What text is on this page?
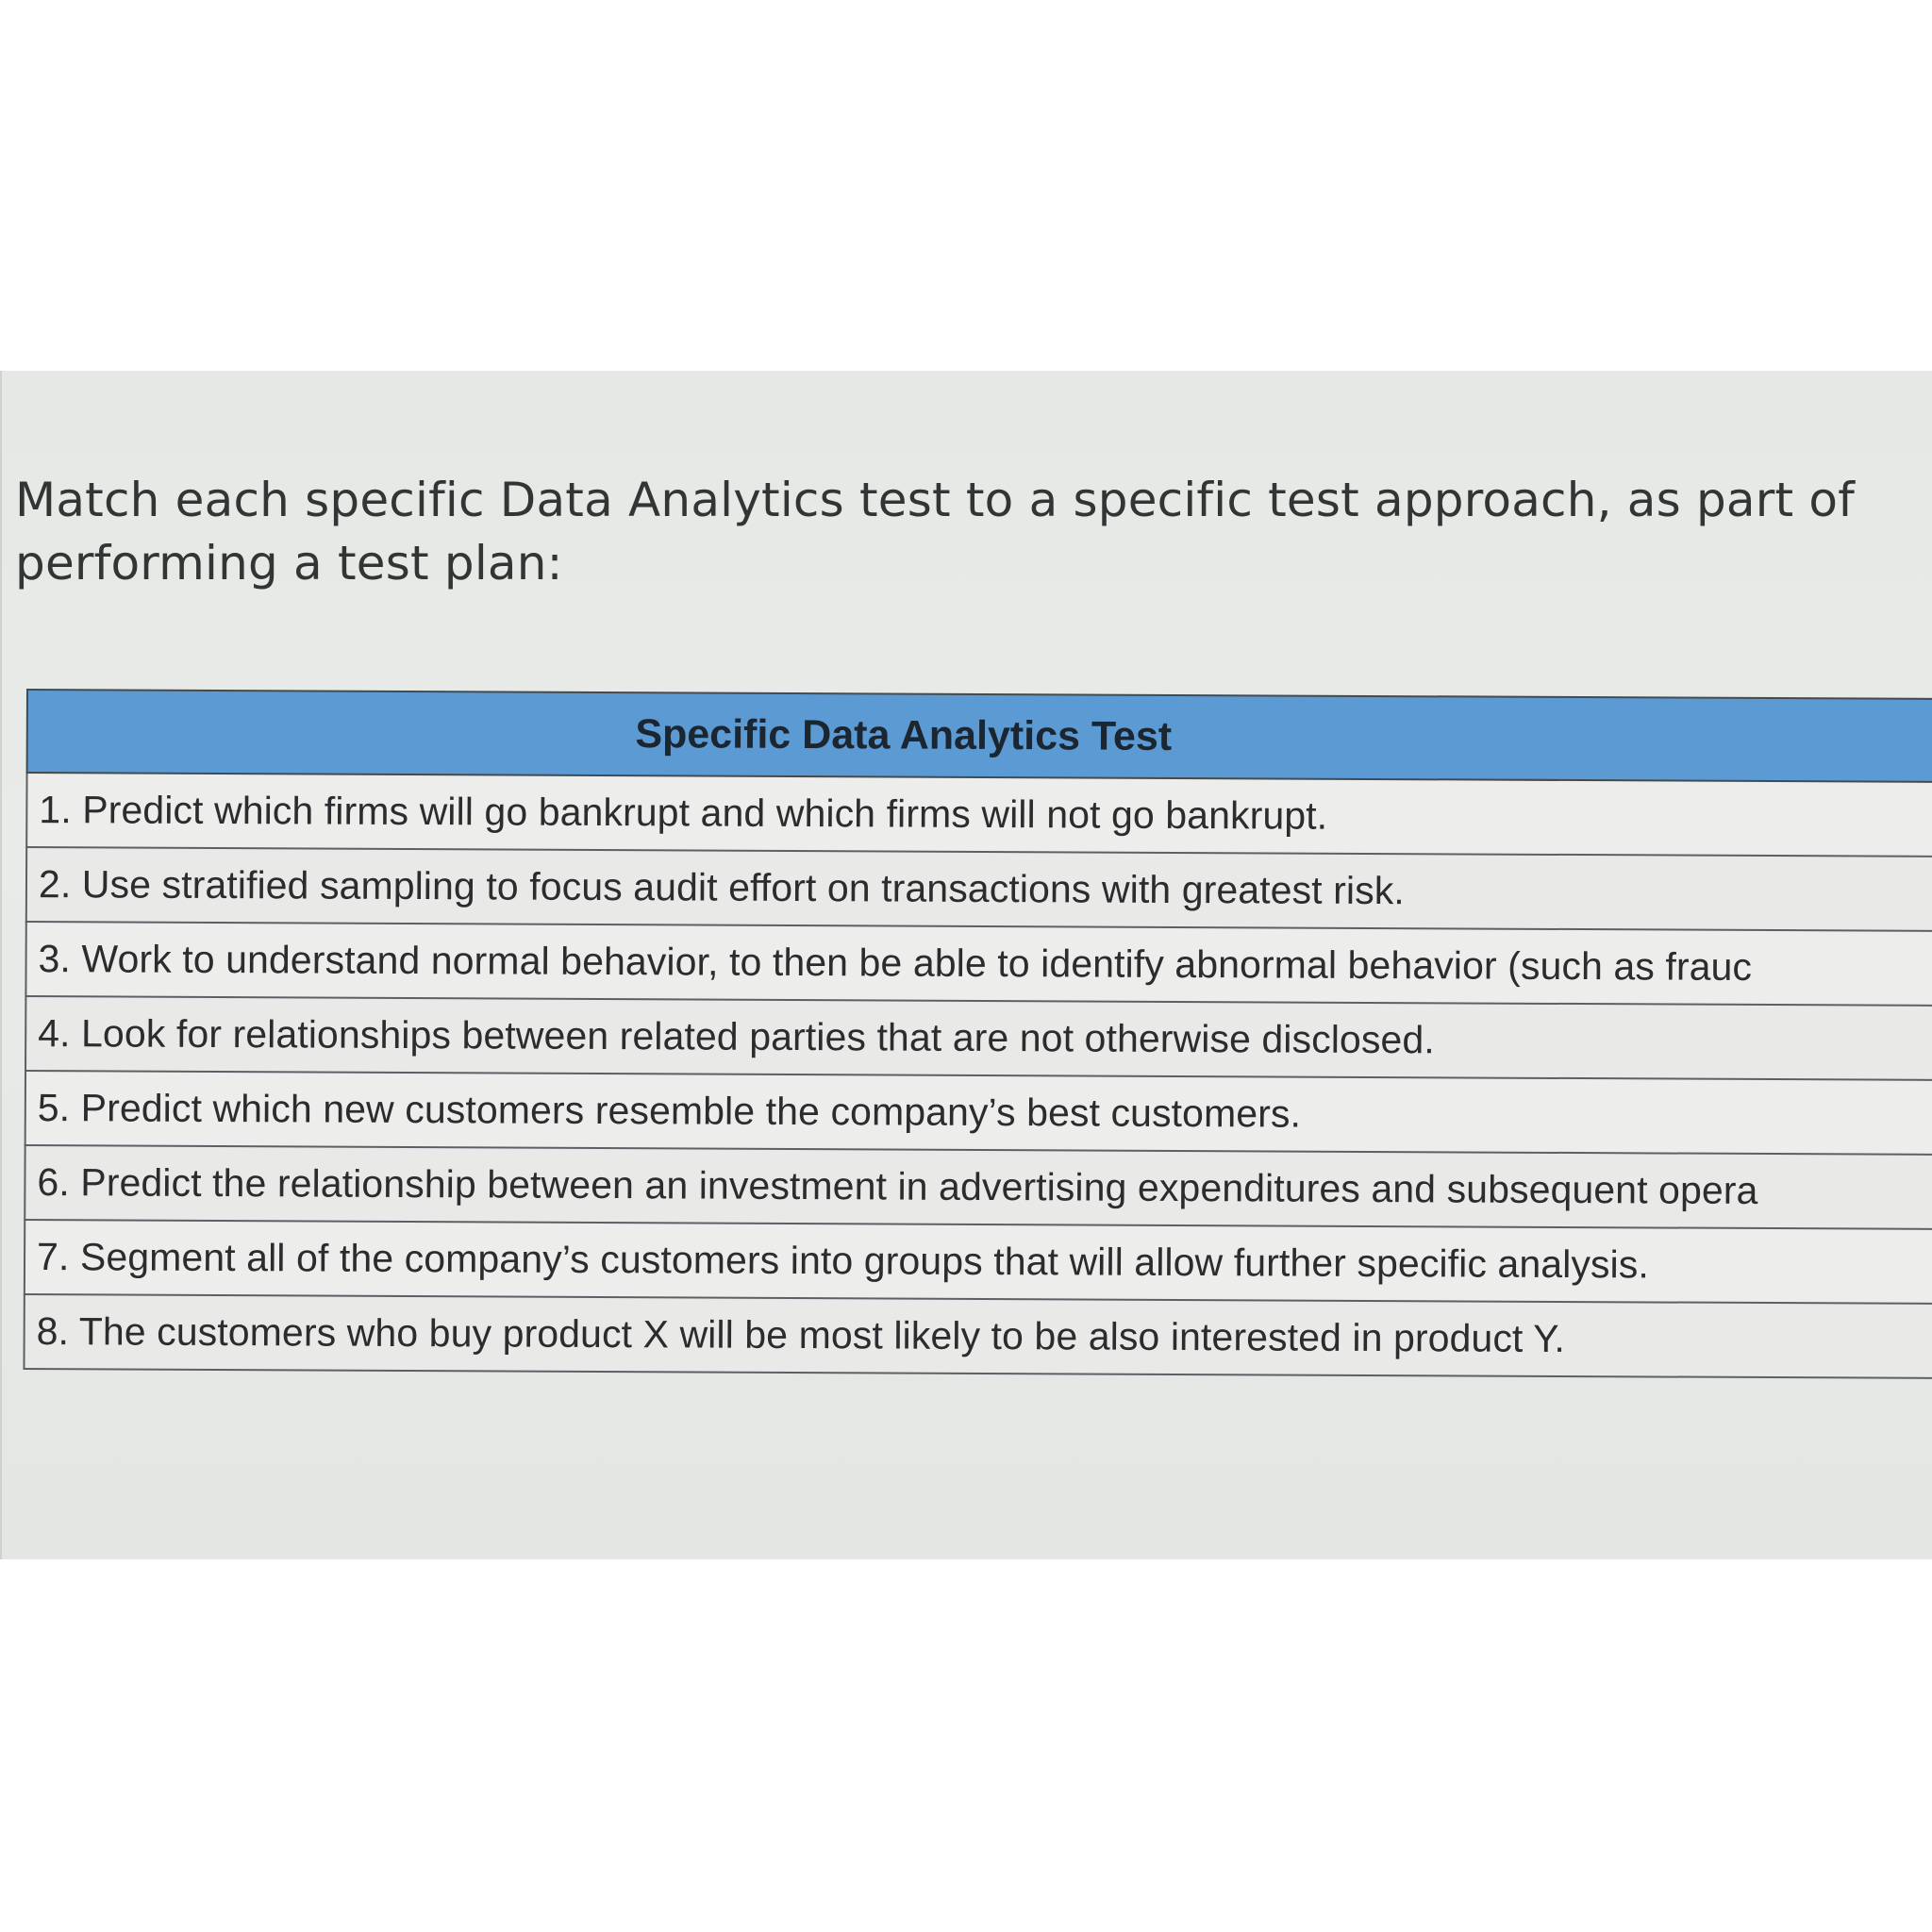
Match each specific Data Analytics test to a specific test approach, as part of performing a test plan:

Specific Data Analytics Test
1. Predict which firms will go bankrupt and which firms will not go bankrupt.
2. Use stratified sampling to focus audit effort on transactions with greatest risk.
3. Work to understand normal behavior, to then be able to identify abnormal behavior (such as frauc
4. Look for relationships between related parties that are not otherwise disclosed.
5. Predict which new customers resemble the company’s best customers.
6. Predict the relationship between an investment in advertising expenditures and subsequent opera
7. Segment all of the company’s customers into groups that will allow further specific analysis.
8. The customers who buy product X will be most likely to be also interested in product Y.
